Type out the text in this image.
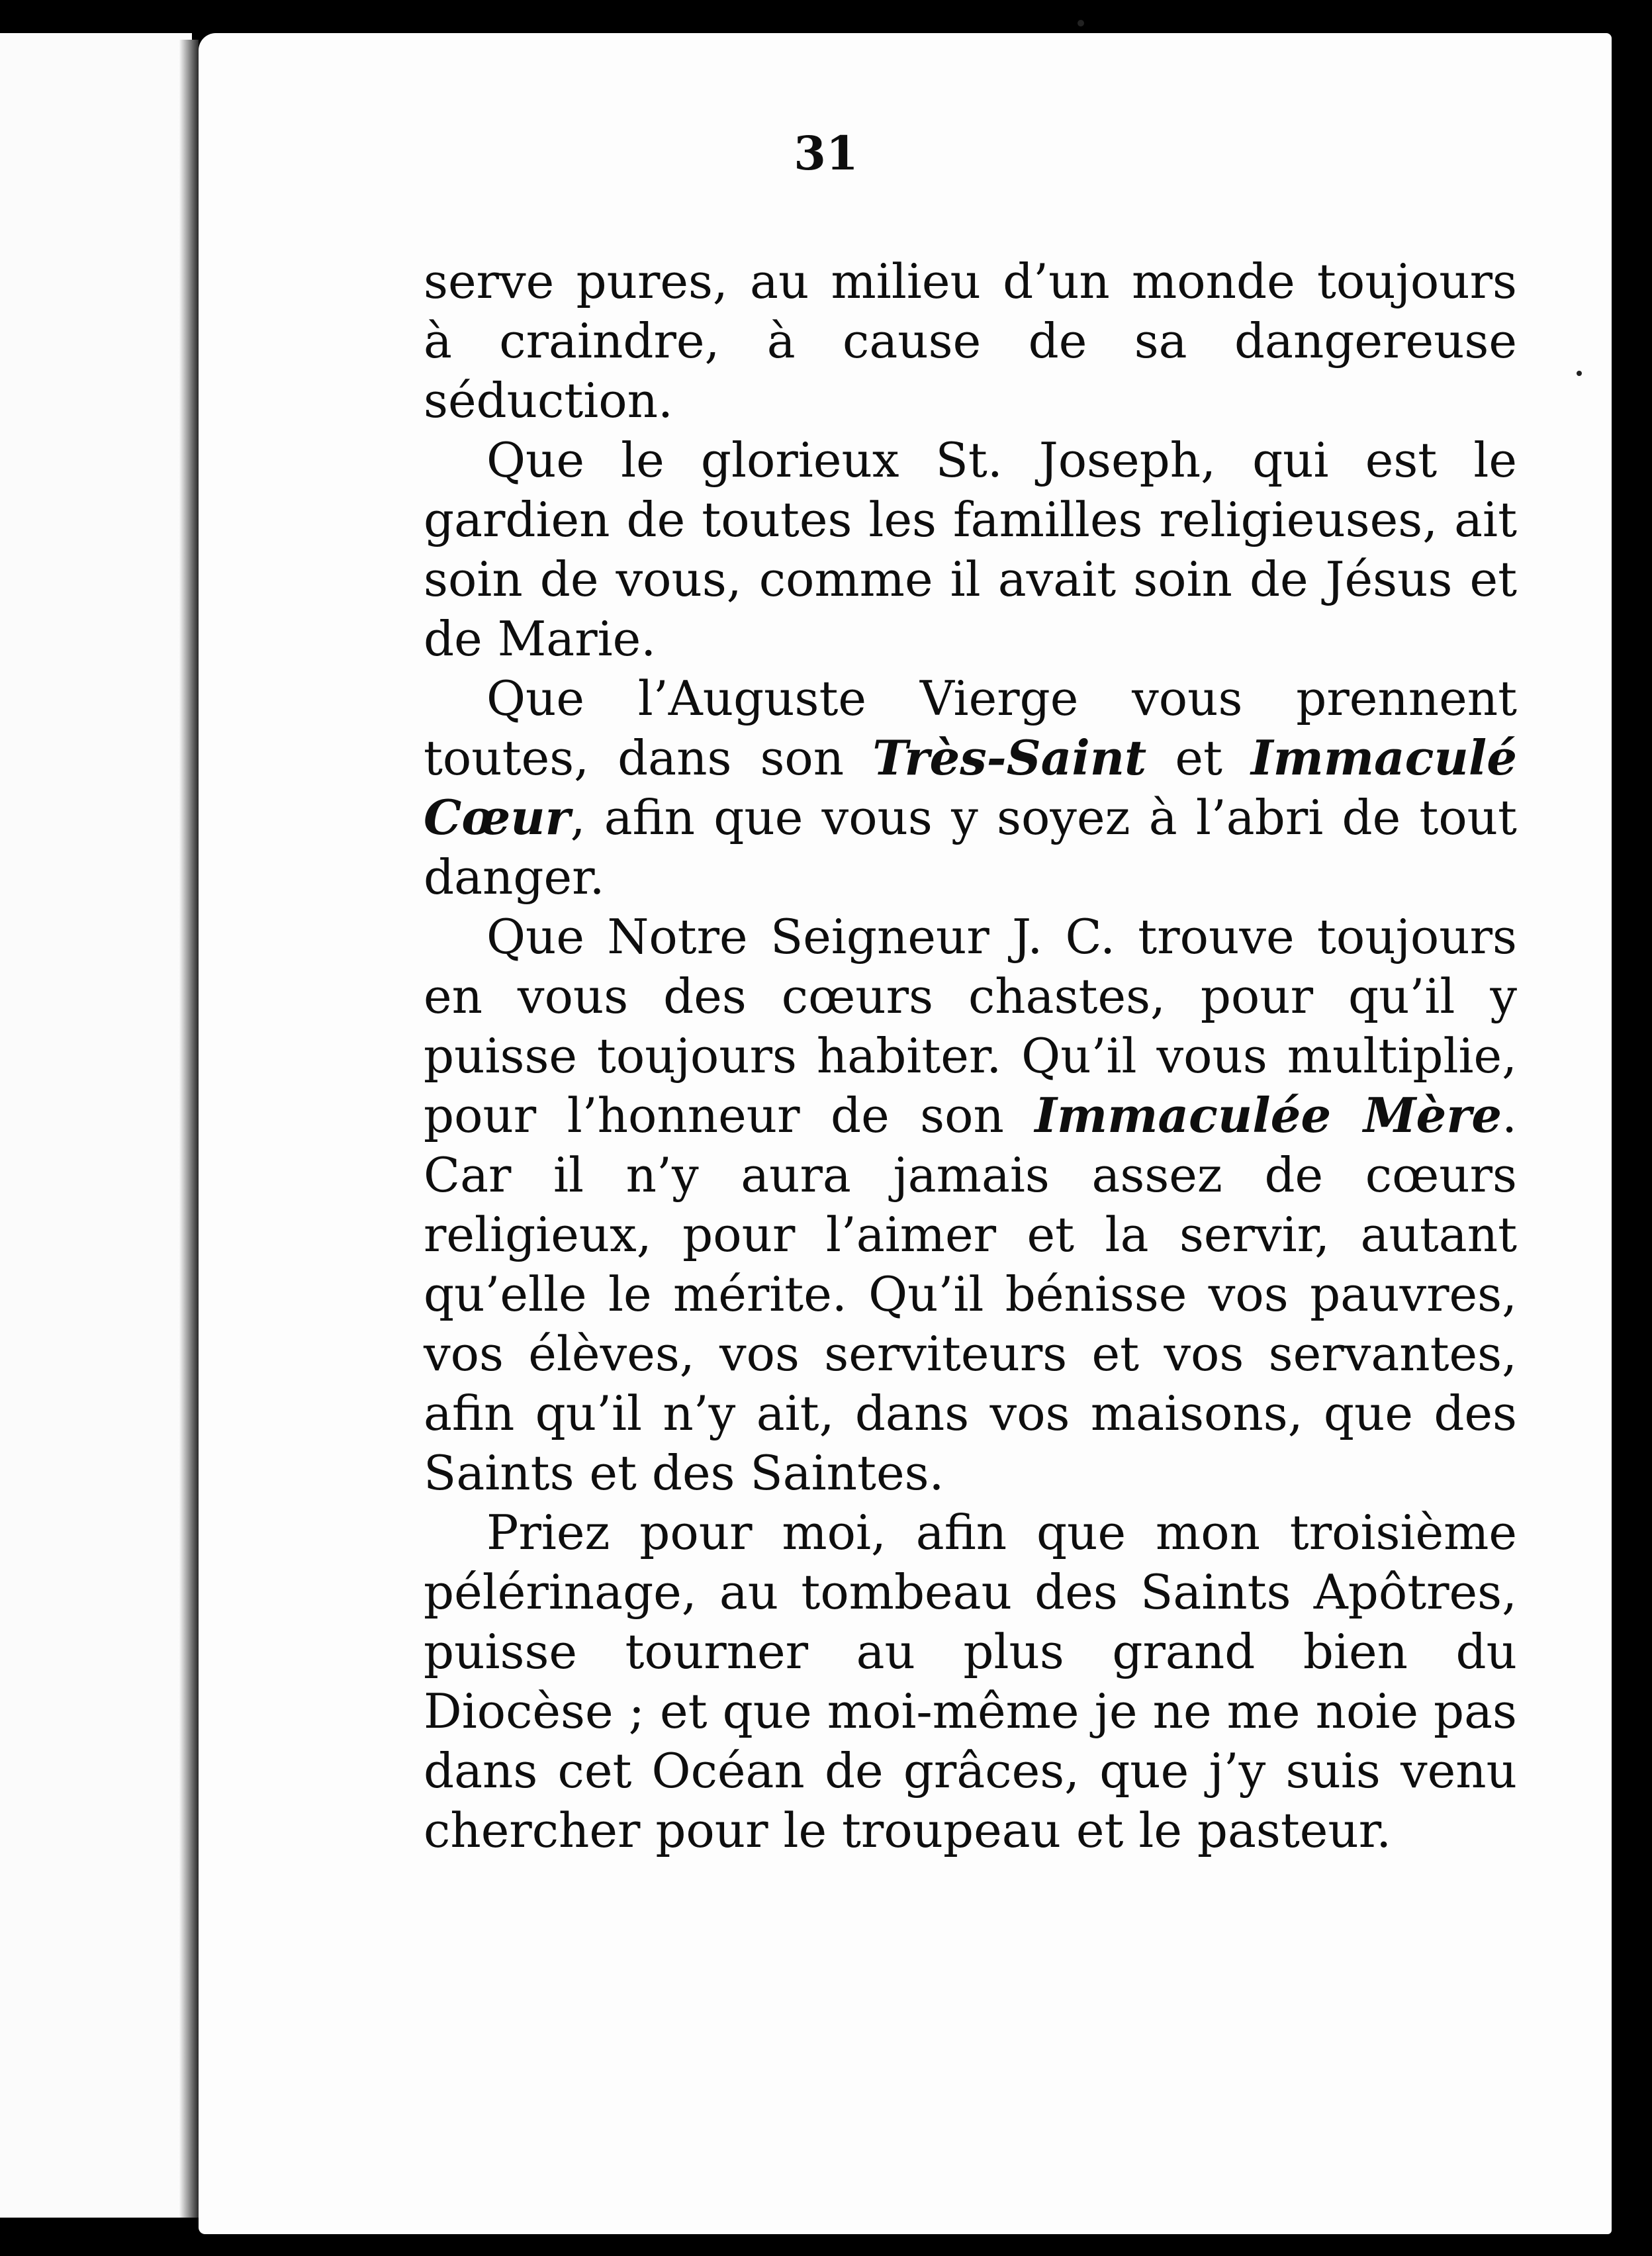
31

serve pures, au milieu d’un monde toujours à craindre, à cause de sa dangereuse séduction.

Que le glorieux St. Joseph, qui est le gardien de toutes les familles religieuses, ait soin de vous, comme il avait soin de Jésus et de Marie.

Que l’Auguste Vierge vous prennent toutes, dans son Très-Saint et Immaculé Cœur, afin que vous y soyez à l’abri de tout danger.

Que Notre Seigneur J. C. trouve toujours en vous des cœurs chastes, pour qu’il y puisse toujours habiter. Qu’il vous multiplie, pour l’honneur de son Immaculée Mère. Car il n’y aura jamais assez de cœurs religieux, pour l’aimer et la servir, autant qu’elle le mérite. Qu’il bénisse vos pauvres, vos élèves, vos serviteurs et vos servantes, afin qu’il n’y ait, dans vos maisons, que des Saints et des Saintes.

Priez pour moi, afin que mon troisième pélérinage, au tombeau des Saints Apôtres, puisse tourner au plus grand bien du Diocèse ; et que moi-même je ne me noie pas dans cet Océan de grâces, que j’y suis venu chercher pour le troupeau et le pasteur.
